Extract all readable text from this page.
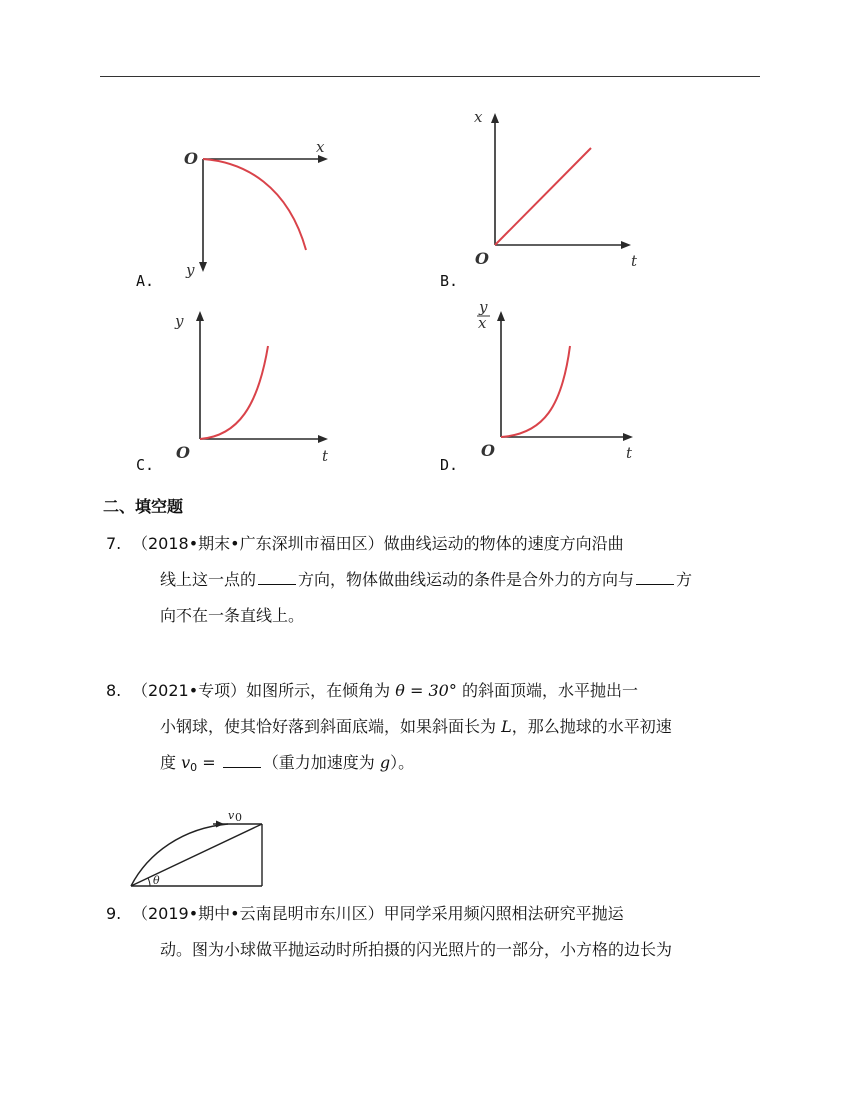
O
x
y
A.
O
x
t
B.
O
y
t
C.
O
y
x
t
D.
二、填空题
7. （2018•期末•广东深圳市福田区）做曲线运动的物体的速度方向沿曲
线上这一点的	方向，物体做曲线运动的条件是合外力的方向与	方
向不在一条直线上。
8. （2021•专项）如图所示，在倾角为 θ = 30° 的斜面顶端，水平抛出一
小钢球，使其恰好落到斜面底端，如果斜面长为 L，那么抛球的水平初速
度 $v_0$ =	（重力加速度为 g）。
v 0
θ
9. （2019•期中•云南昆明市东川区）甲同学采用频闪照相法研究平抛运
动。图为小球做平抛运动时所拍摄的闪光照片的一部分，小方格的边长为
